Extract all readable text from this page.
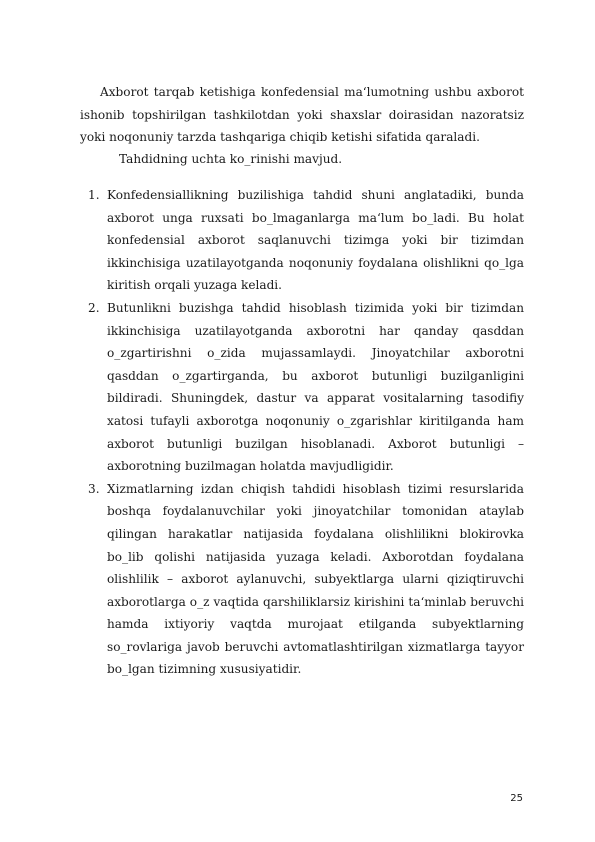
Axborot tarqab ketishiga konfedensial ma‘lumotning ushbu axborot ishonib topshirilgan tashkilotdan yoki shaxslar doirasidan nazoratsiz yoki noqonuniy tarzda tashqariga chiqib ketishi sifatida qaraladi.

Tahdidning uchta ko_rinishi mavjud.

1. Konfedensiallikning buzilishiga tahdid shuni anglatadiki, bunda axborot unga ruxsati bo_lmaganlarga ma‘lum bo_ladi. Bu holat konfedensial axborot saqlanuvchi tizimga yoki bir tizimdan ikkinchisiga uzatilayotganda noqonuniy foydalana olishlikni qo_lga kiritish orqali yuzaga keladi.
2. Butunlikni buzishga tahdid hisoblash tizimida yoki bir tizimdan ikkinchisiga uzatilayotganda axborotni har qanday qasddan o_zgartirishni o_zida mujassamlaydi. Jinoyatchilar axborotni qasddan o_zgartirganda, bu axborot butunligi buzilganligini bildiradi. Shuningdek, dastur va apparat vositalarning tasodifiy xatosi tufayli axborotga noqonuniy o_zgarishlar kiritilganda ham axborot butunligi buzilgan hisoblanadi. Axborot butunligi – axborotning buzilmagan holatda mavjudligidir.
3. Xizmatlarning izdan chiqish tahdidi hisoblash tizimi resurslarida boshqa foydalanuvchilar yoki jinoyatchilar tomonidan ataylab qilingan harakatlar natijasida foydalana olishlilikni blokirovka bo_lib qolishi natijasida yuzaga keladi. Axborotdan foydalana olishlilik – axborot aylanuvchi, subyektlarga ularni qiziqtiruvchi axborotlarga o_z vaqtida qarshiliklarsiz kirishini ta‘minlab beruvchi hamda ixtiyoriy vaqtda murojaat etilganda subyektlarning so_rovlariga javob beruvchi avtomatlashtirilgan xizmatlarga tayyor bo_lgan tizimning xususiyatidir.
25
